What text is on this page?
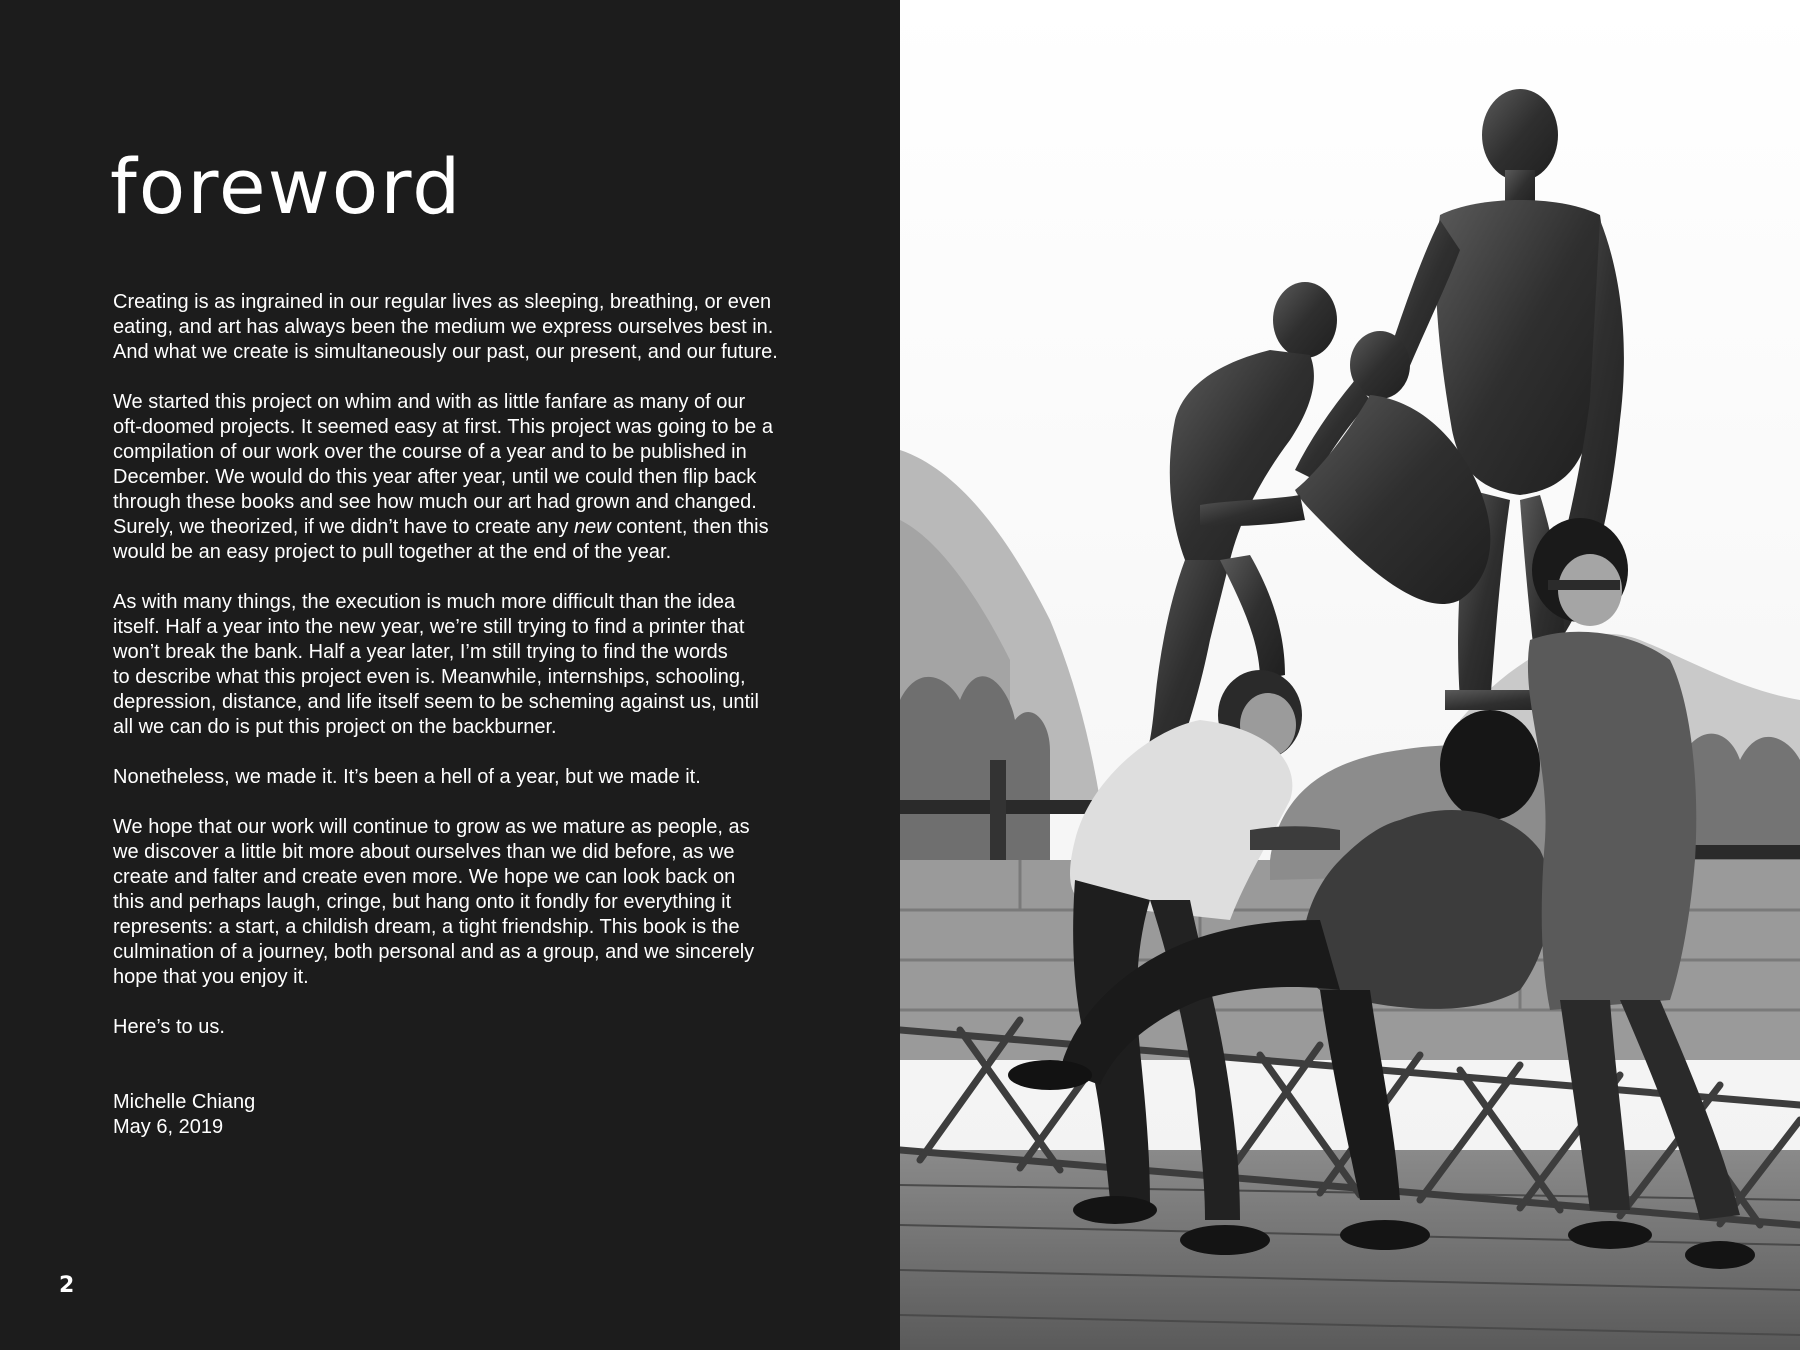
foreword

Creating is as ingrained in our regular lives as sleeping, breathing, or even
eating, and art has always been the medium we express ourselves best in.
And what we create is simultaneously our past, our present, and our future.

We started this project on whim and with as little fanfare as many of our
oft-doomed projects. It seemed easy at first. This project was going to be a
compilation of our work over the course of a year and to be published in
December. We would do this year after year, until we could then flip back
through these books and see how much our art had grown and changed.
Surely, we theorized, if we didn’t have to create any new content, then this
would be an easy project to pull together at the end of the year.

As with many things, the execution is much more difficult than the idea
itself. Half a year into the new year, we’re still trying to find a printer that
won’t break the bank. Half a year later, I’m still trying to find the words
to describe what this project even is. Meanwhile, internships, schooling,
depression, distance, and life itself seem to be scheming against us, until
all we can do is put this project on the backburner.

Nonetheless, we made it. It’s been a hell of a year, but we made it.

We hope that our work will continue to grow as we mature as people, as
we discover a little bit more about ourselves than we did before, as we
create and falter and create even more. We hope we can look back on
this and perhaps laugh, cringe, but hang onto it fondly for everything it
represents: a start, a childish dream, a tight friendship. This book is the
culmination of a journey, both personal and as a group, and we sincerely
hope that you enjoy it.

Here’s to us.

Michelle Chiang
May 6, 2019
2
